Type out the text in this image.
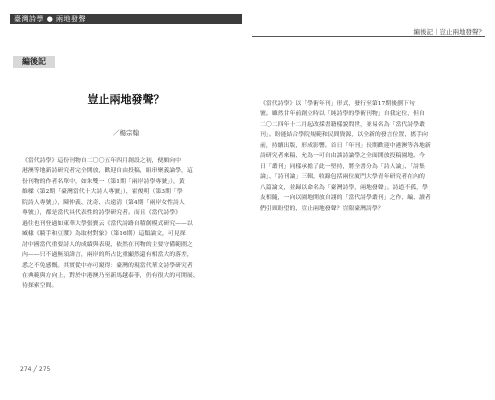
臺灣詩學 ● 兩地發聲
編後記｜豈止兩地發聲？
編後記
豈止兩地發聲？
／楊宗翰
《當代詩學》這份刊物自二〇〇五年四月創設之初，便頗向中
港澳等地新詩研究者完全開放，歡迎自由投稿，組串聚義論學，這
份刊物的作者名單中，如朱雙一（第1期「兩岸詩學專號」），黃
維樑（第2期「臺灣當代十大詩人專號」），霍俊明（第3期「學
院詩人專號」），陳仲義、沈奇、古遠清（第4期「兩岸女性詩人
專號」），都是當代具代表性的詩學研究者。而且《當代詩學》
過往也刊登過如東華大學張寶云《當代詩路自積創模式研究——以
臧棣《騎手和豆漿》為取材對象》（第16期）這類論文，可見探
討中國當代重要詩人的成績與表現，依然在刊物的主要守備範圍之
內——只不過無須諱言，兩岸的所占比重顯然還有相當大的落差，
悉之不免感慨。其實從中亦可窺得：臺灣的現當代華文詩學研究者
在典範與方向上，對於中港澳乃至新馬越泰菲，仍有很大的可開展、
待探索空間。
《當代詩學》以「學術年刊」形式，發行至第17期後劃下句
號。雖然甘年前創立時以「純詩學的學術刊物」自我定位，但自
二〇二四年十二月起改採書籍樣貌問世，並易名為「當代詩學叢
刊」。盼能結合學院規範和民間資源，以全新的發言位置，搖手向
前，持續出版，形成影響。首日「年刊」長期歡迎中港澳等各地新
詩研究者來稿，允為一可自由談詩論學之全面開放投稿園地。今
日「叢刊」同樣承擔了此一堅持，將全書分為「詩人論」、「詩集
論」、「詩刊論」三輯，收錄包括兩位廈門大學青年研究者在內的
八篇論文，並歸以命名為「臺灣詩學，兩地發聲」。詩道不孤，學
友相隨，一向以園地開放自詡的「當代詩學叢刊」之作、編、讀者
們引頸盼望的，豈止兩地發聲？豈限臺灣詩學？
274 ╱ 275
